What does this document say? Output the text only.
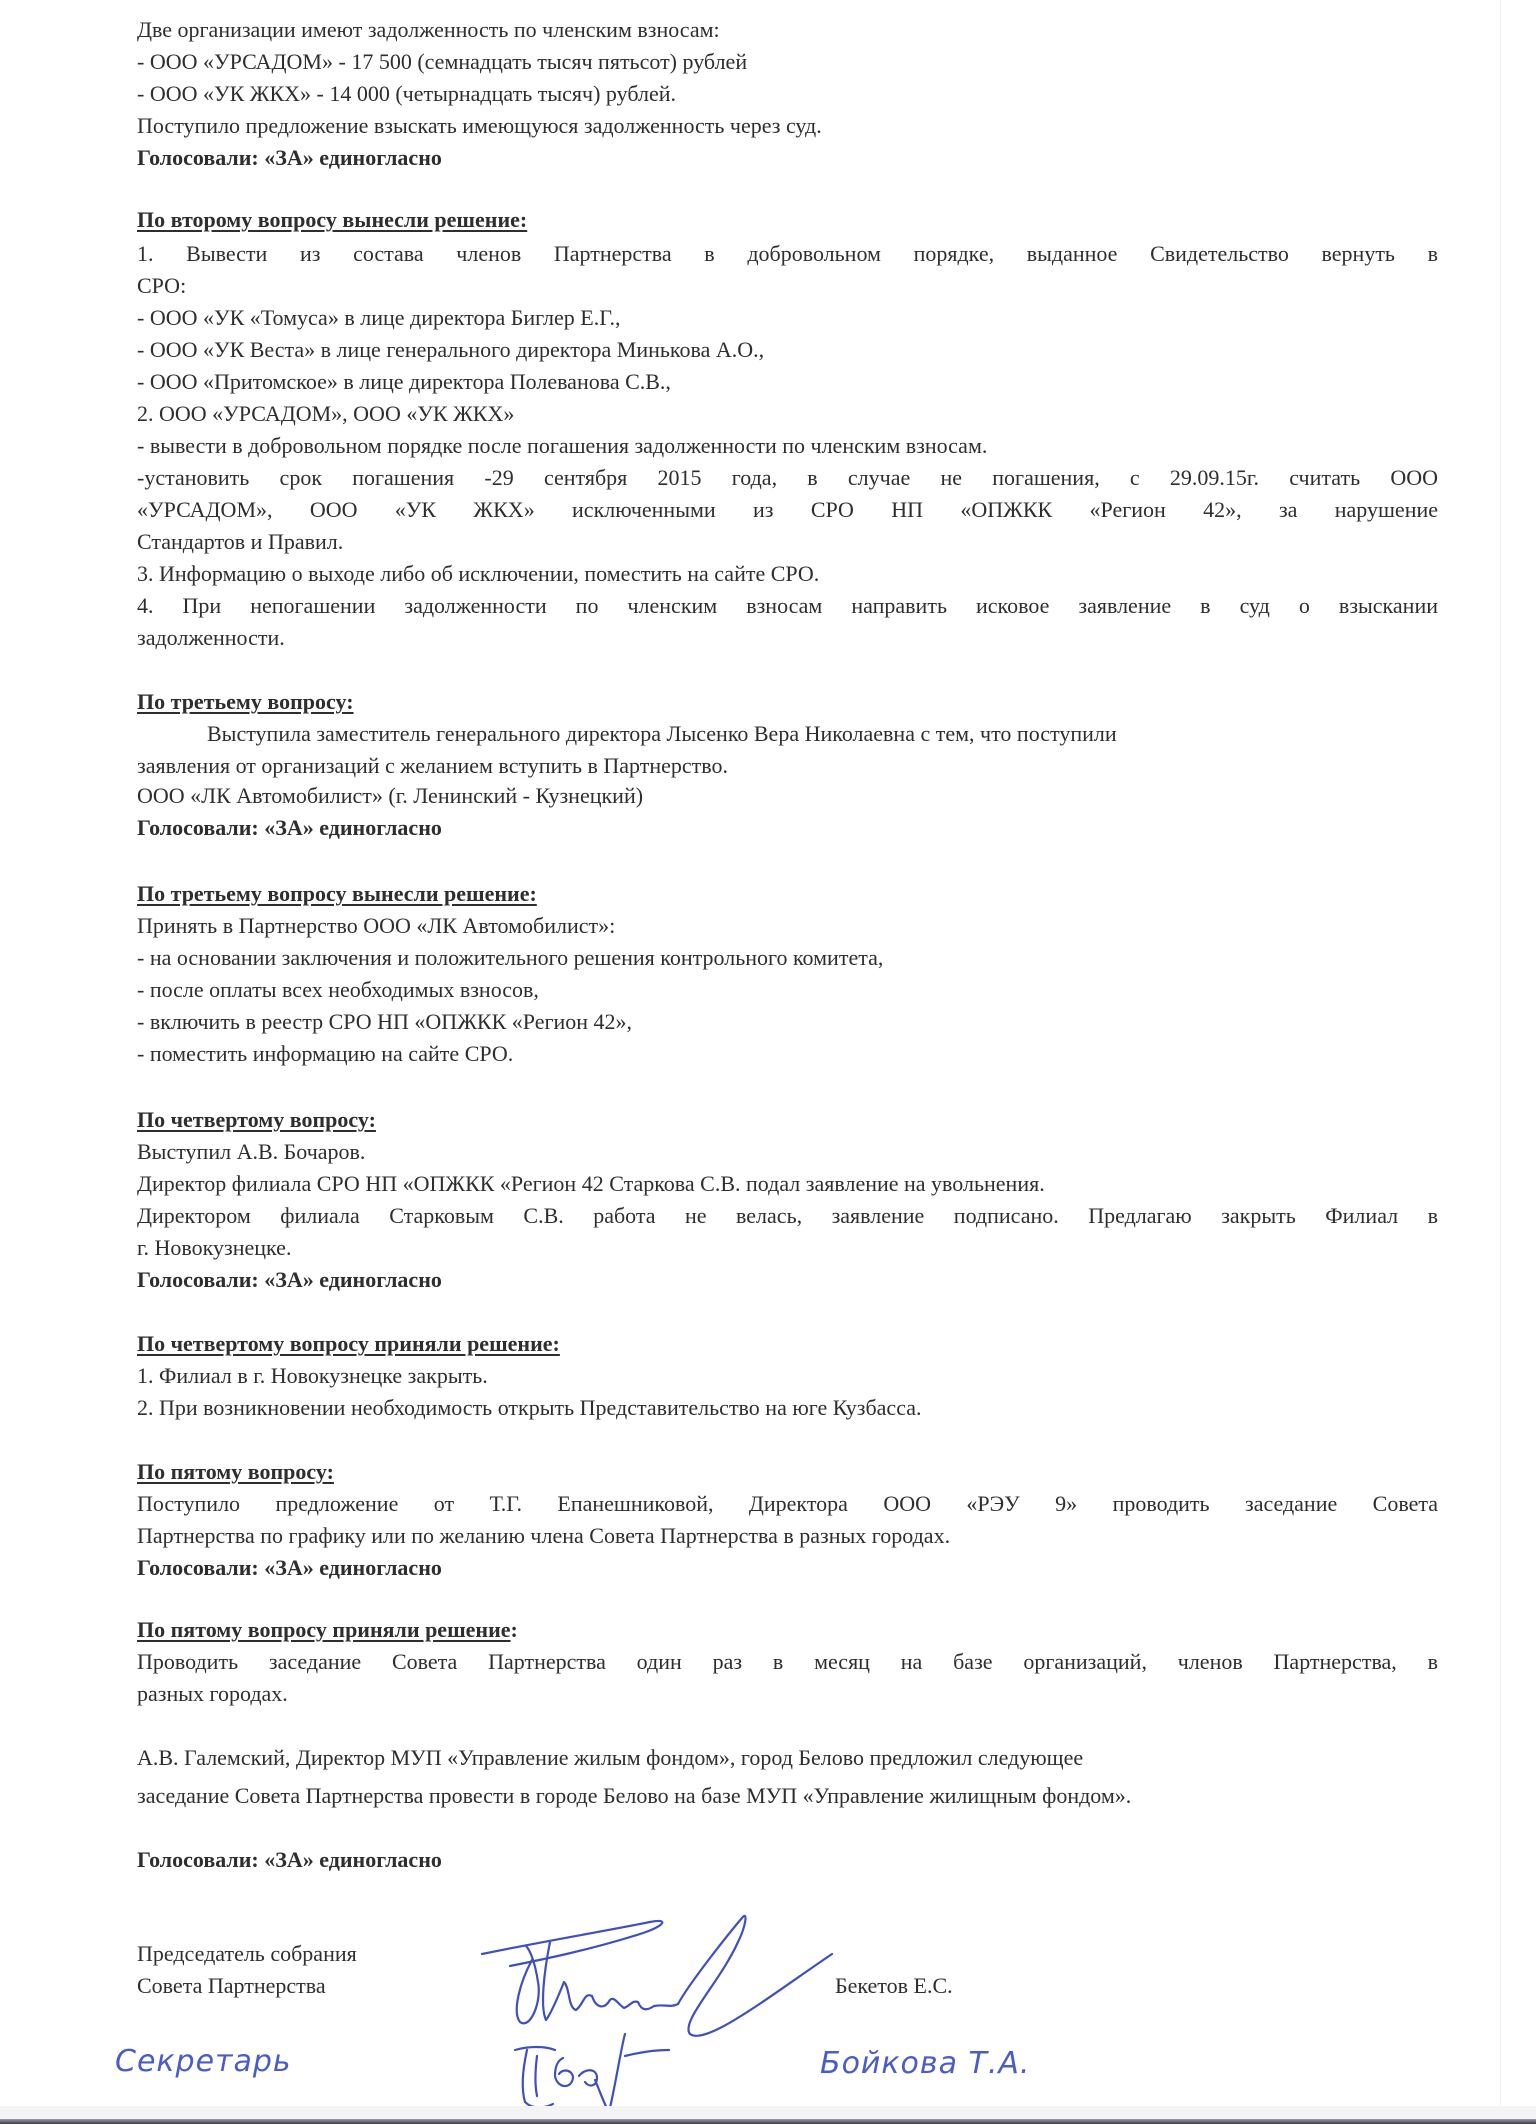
Две организации имеют задолженность по членским взносам:
- ООО «УРСАДОМ» - 17 500 (семнадцать тысяч пятьсот) рублей
- ООО «УК ЖКХ» - 14 000 (четырнадцать тысяч) рублей.
Поступило предложение взыскать имеющуюся задолженность через суд.
Голосовали: «ЗА» единогласно
По второму вопросу вынесли решение:
1. Вывести из состава членов Партнерства в добровольном порядке, выданное Свидетельство вернуть в
СРО:
- ООО «УК «Томуса» в лице директора Биглер Е.Г.,
- ООО «УК Веста» в лице генерального директора Минькова А.О.,
- ООО «Притомское» в лице директора Полеванова С.В.,
2. ООО «УРСАДОМ», ООО «УК ЖКХ»
- вывести в добровольном порядке после погашения задолженности по членским взносам.
-установить срок погашения -29 сентября 2015 года, в случае не погашения, с 29.09.15г. считать ООО
«УРСАДОМ», ООО «УК ЖКХ» исключенными из СРО НП «ОПЖКК «Регион 42», за нарушение
Стандартов и Правил.
3. Информацию о выходе либо об исключении, поместить на сайте СРО.
4. При непогашении задолженности по членским взносам направить исковое заявление в суд о взыскании
задолженности.
По третьему вопросу:
Выступила заместитель генерального директора Лысенко Вера Николаевна с тем, что поступили
заявления от организаций с желанием вступить в Партнерство.
ООО «ЛК Автомобилист» (г. Ленинский - Кузнецкий)
Голосовали: «ЗА» единогласно
По третьему вопросу вынесли решение:
Принять в Партнерство ООО «ЛК Автомобилист»:
- на основании заключения и положительного решения контрольного комитета,
- после оплаты всех необходимых взносов,
- включить в реестр СРО НП «ОПЖКК «Регион 42»,
- поместить информацию на сайте СРО.
По четвертому вопросу:
Выступил А.В. Бочаров.
Директор филиала СРО НП «ОПЖКК «Регион 42 Старкова С.В. подал заявление на увольнения.
Директором филиала Старковым С.В. работа не велась, заявление подписано. Предлагаю закрыть Филиал в
г. Новокузнецке.
Голосовали: «ЗА» единогласно
По четвертому вопросу приняли решение:
1. Филиал в г. Новокузнецке закрыть.
2. При возникновении необходимость открыть Представительство на юге Кузбасса.
По пятому вопросу:
Поступило предложение от Т.Г. Епанешниковой, Директора ООО «РЭУ 9» проводить заседание Совета
Партнерства по графику или по желанию члена Совета Партнерства в разных городах.
Голосовали: «ЗА» единогласно
По пятому вопросу приняли решение:
Проводить заседание Совета Партнерства один раз в месяц на базе организаций, членов Партнерства, в
разных городах.
А.В. Галемский, Директор МУП «Управление жилым фондом», город Белово предложил следующее
заседание Совета Партнерства провести в городе Белово на базе МУП «Управление жилищным фондом».
Голосовали: «ЗА» единогласно
Председатель собрания
Совета Партнерства	Бекетов Е.С.
Секретарь	Бойкова Т.А.
